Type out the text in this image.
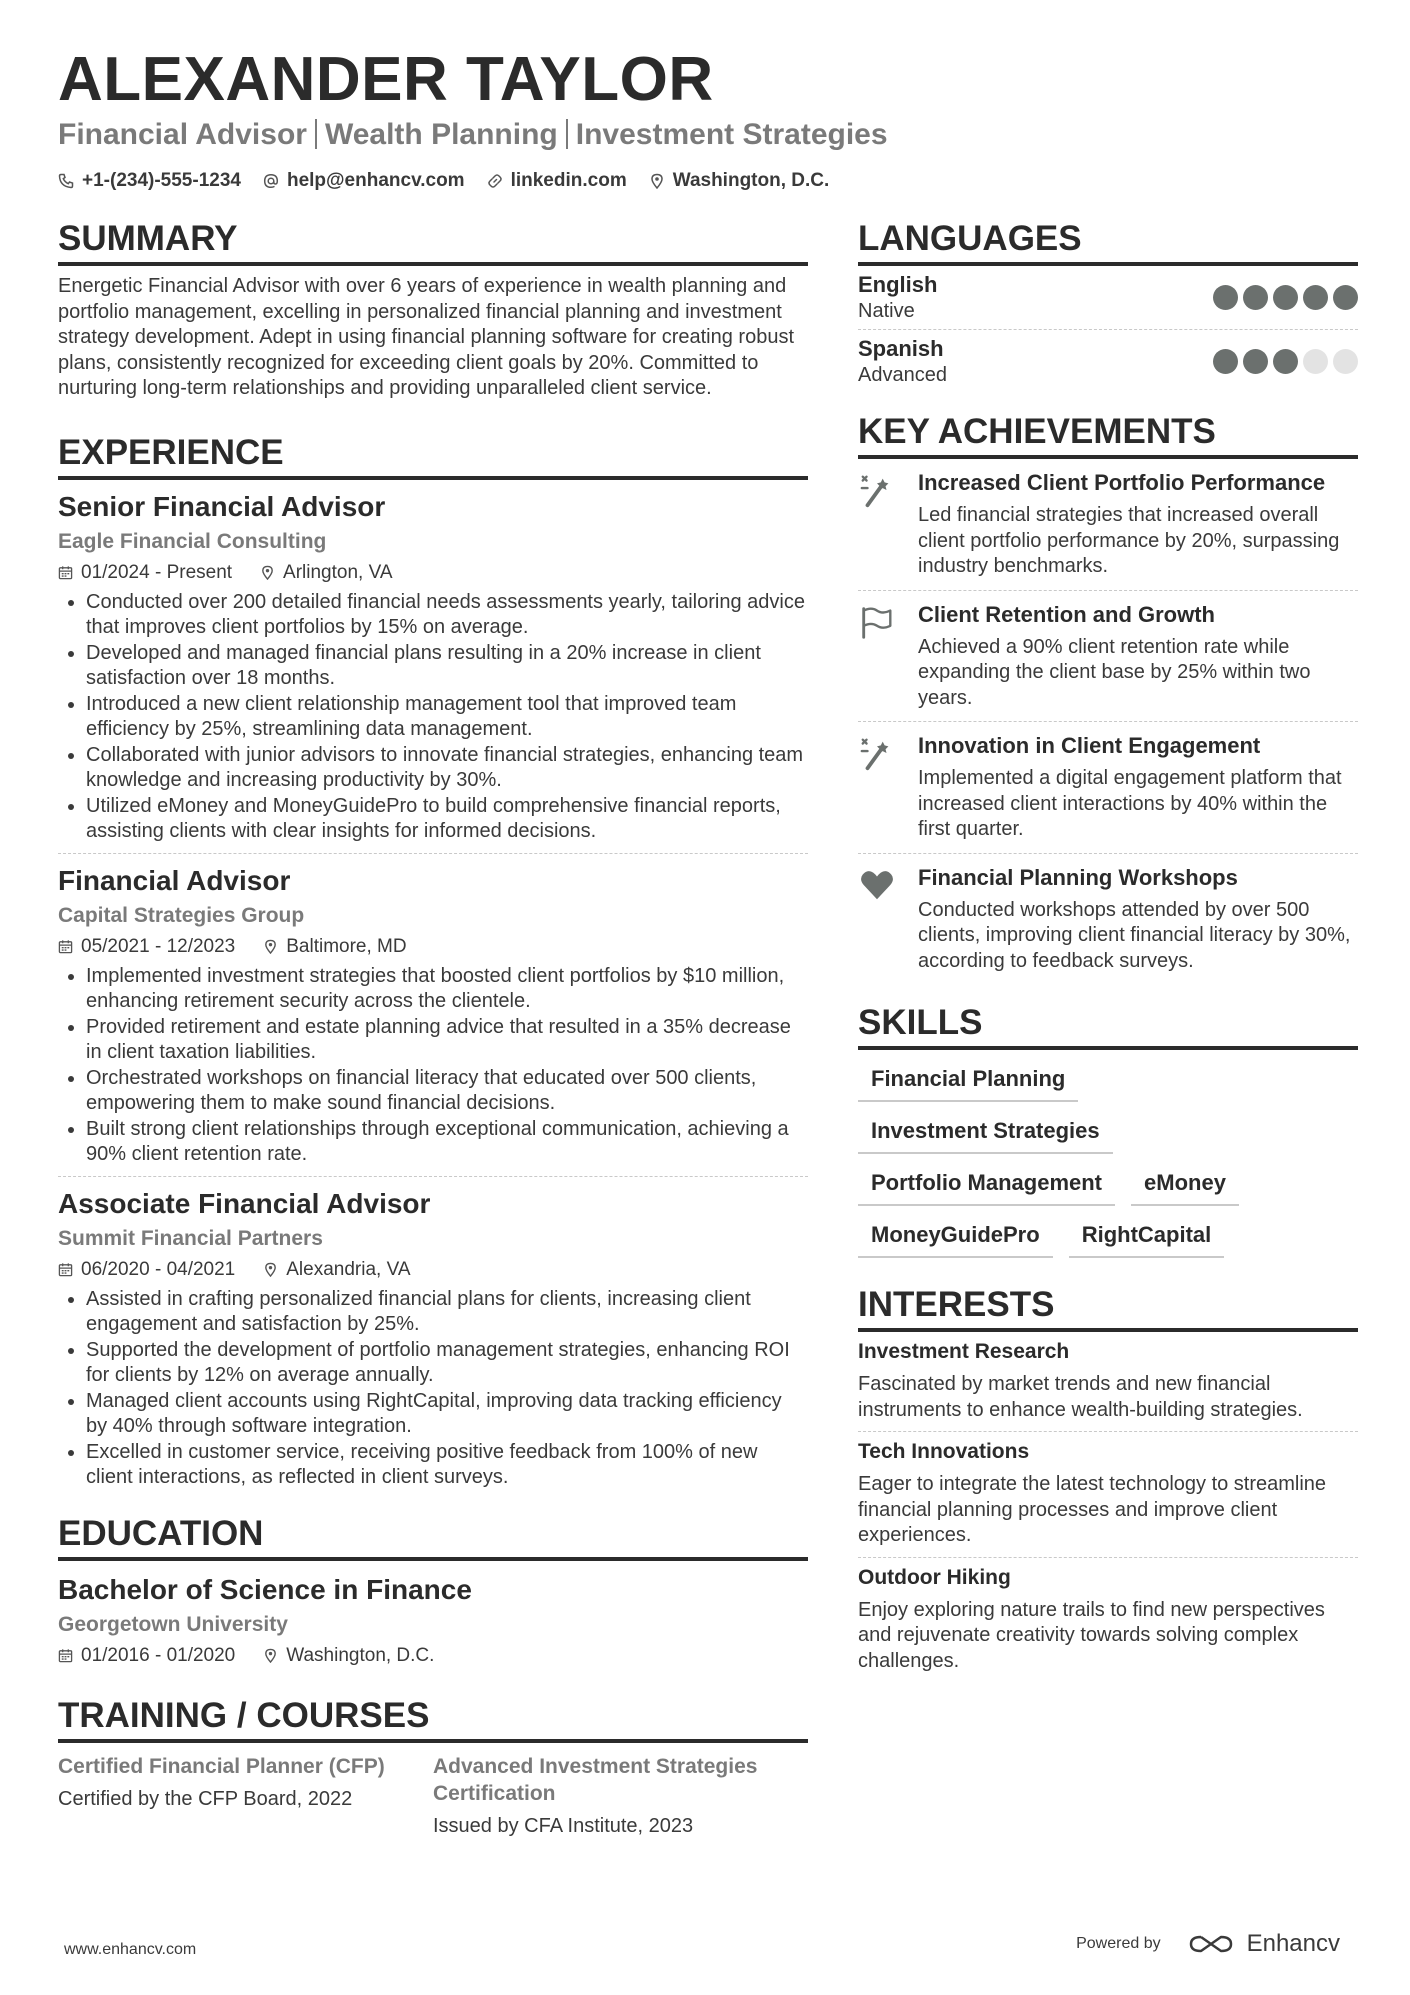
ALEXANDER TAYLOR
Financial Advisor Wealth Planning Investment Strategies
+1-(234)-555-1234 help@enhancv.com linkedin.com Washington, D.C.
SUMMARY

Energetic Financial Advisor with over 6 years of experience in wealth planning and portfolio management, excelling in personalized financial planning and investment strategy development. Adept in using financial planning software for creating robust plans, consistently recognized for exceeding client goals by 20%. Committed to nurturing long-term relationships and providing unparalleled client service.

EXPERIENCE
Senior Financial Advisor
Eagle Financial Consulting
01/2024 - Present	Arlington, VA
• Conducted over 200 detailed financial needs assessments yearly, tailoring advice that improves client portfolios by 15% on average.
• Developed and managed financial plans resulting in a 20% increase in client satisfaction over 18 months.
• Introduced a new client relationship management tool that improved team efficiency by 25%, streamlining data management.
• Collaborated with junior advisors to innovate financial strategies, enhancing team knowledge and increasing productivity by 30%.
• Utilized eMoney and MoneyGuidePro to build comprehensive financial reports, assisting clients with clear insights for informed decisions.
Financial Advisor
Capital Strategies Group
05/2021 - 12/2023	Baltimore, MD
• Implemented investment strategies that boosted client portfolios by $10 million, enhancing retirement security across the clientele.
• Provided retirement and estate planning advice that resulted in a 35% decrease in client taxation liabilities.
• Orchestrated workshops on financial literacy that educated over 500 clients, empowering them to make sound financial decisions.
• Built strong client relationships through exceptional communication, achieving a 90% client retention rate.
Associate Financial Advisor
Summit Financial Partners
06/2020 - 04/2021	Alexandria, VA
• Assisted in crafting personalized financial plans for clients, increasing client engagement and satisfaction by 25%.
• Supported the development of portfolio management strategies, enhancing ROI for clients by 12% on average annually.
• Managed client accounts using RightCapital, improving data tracking efficiency by 40% through software integration.
• Excelled in customer service, receiving positive feedback from 100% of new client interactions, as reflected in client surveys.
EDUCATION
Bachelor of Science in Finance
Georgetown University
01/2016 - 01/2020	Washington, D.C.
TRAINING / COURSES
Certified Financial Planner (CFP)
Certified by the CFP Board, 2022
Advanced Investment Strategies Certification
Issued by CFA Institute, 2023
LANGUAGES
English
Native
Spanish
Advanced
KEY ACHIEVEMENTS
Increased Client Portfolio Performance
Led financial strategies that increased overall client portfolio performance by 20%, surpassing industry benchmarks.
Client Retention and Growth
Achieved a 90% client retention rate while expanding the client base by 25% within two years.
Innovation in Client Engagement
Implemented a digital engagement platform that increased client interactions by 40% within the first quarter.
Financial Planning Workshops
Conducted workshops attended by over 500 clients, improving client financial literacy by 30%, according to feedback surveys.
SKILLS
Financial Planning
Investment Strategies
Portfolio Management	eMoney
MoneyGuidePro	RightCapital
INTERESTS
Investment Research
Fascinated by market trends and new financial instruments to enhance wealth-building strategies.
Tech Innovations
Eager to integrate the latest technology to streamline financial planning processes and improve client experiences.
Outdoor Hiking
Enjoy exploring nature trails to find new perspectives and rejuvenate creativity towards solving complex challenges.
www.enhancv.com	Powered by	Enhancv
